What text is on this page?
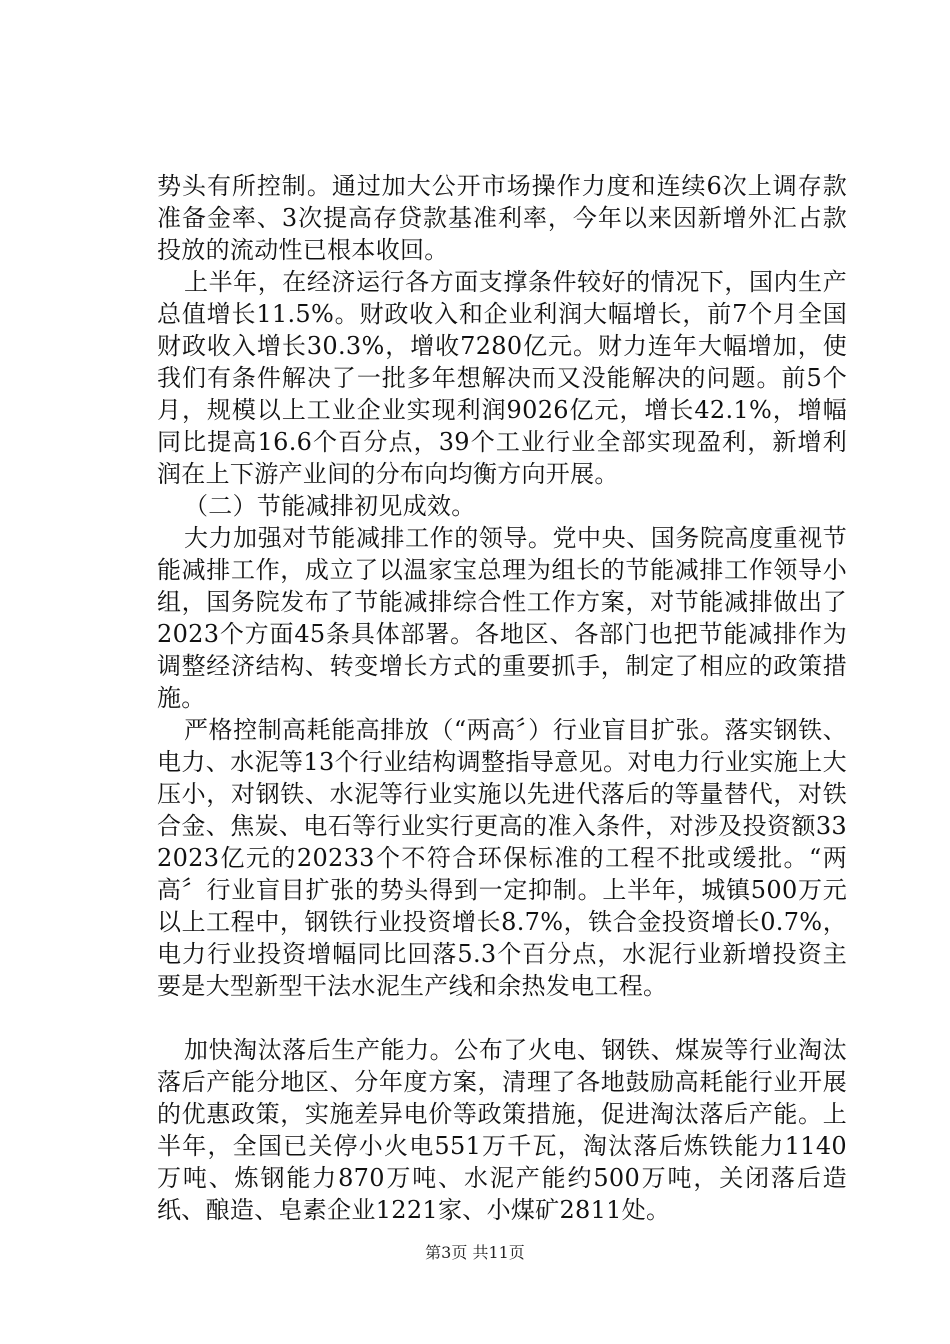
势头有所控制。通过加大公开市场操作力度和连续6次上调存款准备金率、3次提高存贷款基准利率，今年以来因新增外汇占款投放的流动性已根本收回。

上半年，在经济运行各方面支撑条件较好的情况下，国内生产总值增长11.5%。财政收入和企业利润大幅增长，前7个月全国财政收入增长30.3%，增收7280亿元。财力连年大幅增加，使我们有条件解决了一批多年想解决而又没能解决的问题。前5个月，规模以上工业企业实现利润9026亿元，增长42.1%，增幅同比提高16.6个百分点，39个工业行业全部实现盈利，新增利润在上下游产业间的分布向均衡方向开展。

（二）节能减排初见成效。

大力加强对节能减排工作的领导。党中央、国务院高度重视节能减排工作，成立了以温家宝总理为组长的节能减排工作领导小组，国务院发布了节能减排综合性工作方案，对节能减排做出了2023个方面45条具体部署。各地区、各部门也把节能减排作为调整经济结构、转变增长方式的重要抓手，制定了相应的政策措施。

严格控制高耗能高排放（“两高〞）行业盲目扩张。落实钢铁、电力、水泥等13个行业结构调整指导意见。对电力行业实施上大压小，对钢铁、水泥等行业实施以先进代落后的等量替代，对铁合金、焦炭、电石等行业实行更高的准入条件，对涉及投资额332023亿元的20233个不符合环保标准的工程不批或缓批。“两高〞行业盲目扩张的势头得到一定抑制。上半年，城镇500万元以上工程中，钢铁行业投资增长8.7%，铁合金投资增长0.7%，电力行业投资增幅同比回落5.3个百分点，水泥行业新增投资主要是大型新型干法水泥生产线和余热发电工程。

加快淘汰落后生产能力。公布了火电、钢铁、煤炭等行业淘汰落后产能分地区、分年度方案，清理了各地鼓励高耗能行业开展的优惠政策，实施差异电价等政策措施，促进淘汰落后产能。上半年，全国已关停小火电551万千瓦，淘汰落后炼铁能力1140万吨、炼钢能力870万吨、水泥产能约500万吨，关闭落后造纸、酿造、皂素企业1221家、小煤矿2811处。

第3页 共11页
